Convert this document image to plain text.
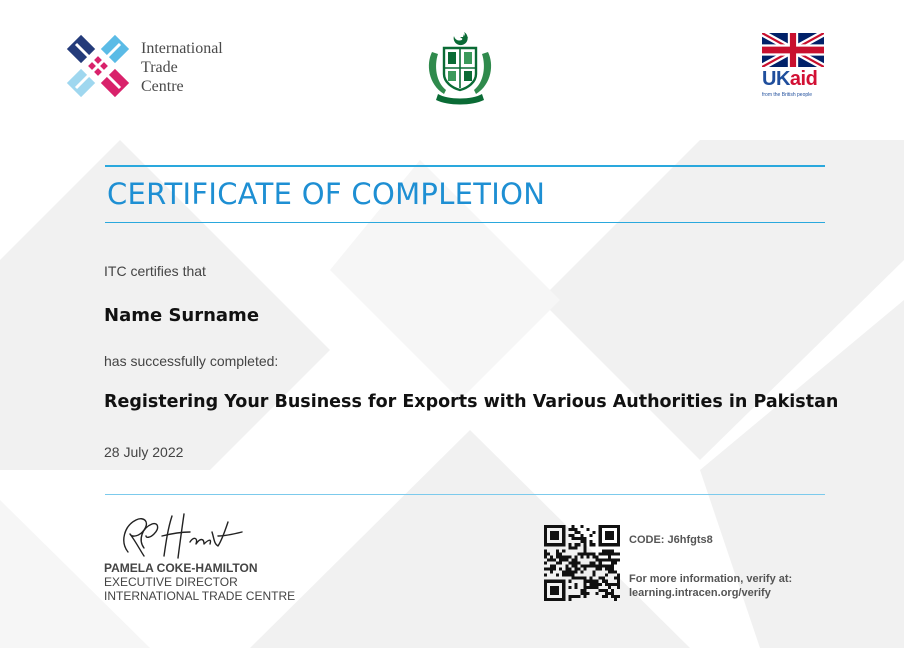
International
Trade
Centre	UKaid
from the British people
CERTIFICATE OF COMPLETION
ITC certifies that
Name Surname
has successfully completed:
Registering Your Business for Exports with Various Authorities in Pakistan
28 July 2022
PAMELA COKE-HAMILTON
EXECUTIVE DIRECTOR
INTERNATIONAL TRADE CENTRE
CODE: J6hfgts8
For more information, verify at:
learning.intracen.org/verify
